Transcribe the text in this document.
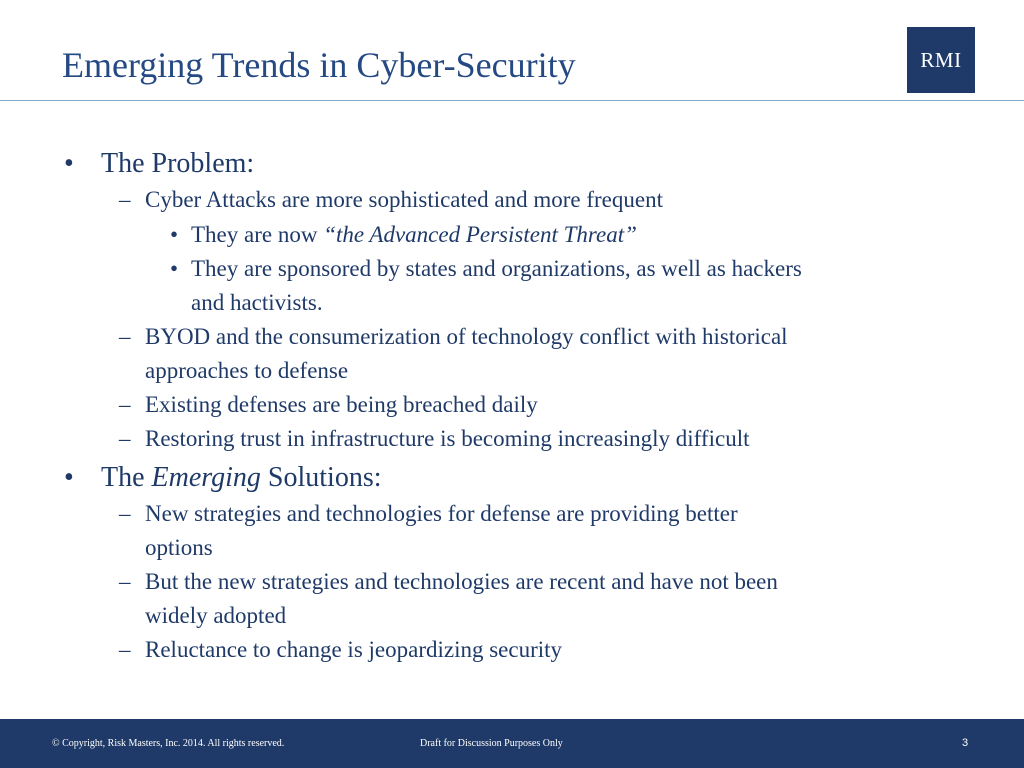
Emerging Trends in Cyber-Security	RMI
• The Problem:
– Cyber Attacks are more sophisticated and more frequent
• They are now “the Advanced Persistent Threat”
• They are sponsored by states and organizations, as well as hackers
and hactivists.
– BYOD and the consumerization of technology conflict with historical
approaches to defense
– Existing defenses are being breached daily
– Restoring trust in infrastructure is becoming increasingly difficult
• The Emerging Solutions:
– New strategies and technologies for defense are providing better
options
– But the new strategies and technologies are recent and have not been
widely adopted
– Reluctance to change is jeopardizing security
© Copyright, Risk Masters, Inc. 2014. All rights reserved.	Draft for Discussion Purposes Only	3
